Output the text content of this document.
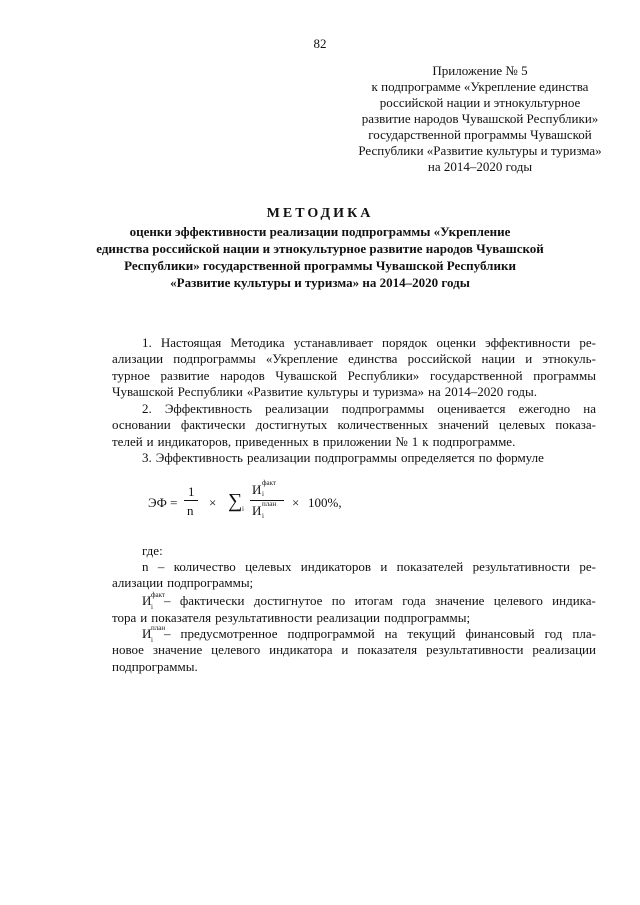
82
Приложение № 5
к подпрограмме «Укрепление единства
российской нации и этнокультурное
развитие народов Чувашской Республики»
государственной программы Чувашской
Республики «Развитие культуры и туризма»
на 2014–2020 годы
МЕТОДИКА
оценки эффективности реализации подпрограммы «Укрепление
единства российской нации и этнокультурное развитие народов Чувашской
Республики» государственной программы Чувашской Республики
«Развитие культуры и туризма» на 2014–2020 годы
1. Настоящая Методика устанавливает порядок оценки эффективности ре-
ализации подпрограммы «Укрепление единства российской нации и этнокуль-
турное развитие народов Чувашской Республики» государственной программы
Чувашской Республики «Развитие культуры и туризма» на 2014–2020 годы.
2. Эффективность реализации подпрограммы оценивается ежегодно на
основании фактически достигнутых количественных значений целевых показа-
телей и индикаторов, приведенных в приложении № 1 к подпрограмме.
3. Эффективность реализации подпрограммы определяется по формуле
ЭФ =
1
n
× ∑ i
И факт
i
И план
i
× 100%,
где:
n – количество целевых индикаторов и показателей результативности ре-
ализации подпрограммы;
И факт
i – фактически достигнутое по итогам года значение целевого индика-
тора и показателя результативности реализации подпрограммы;
И план
i – предусмотренное подпрограммой на текущий финансовый год пла-
новое значение целевого индикатора и показателя результативности реализации
подпрограммы.
